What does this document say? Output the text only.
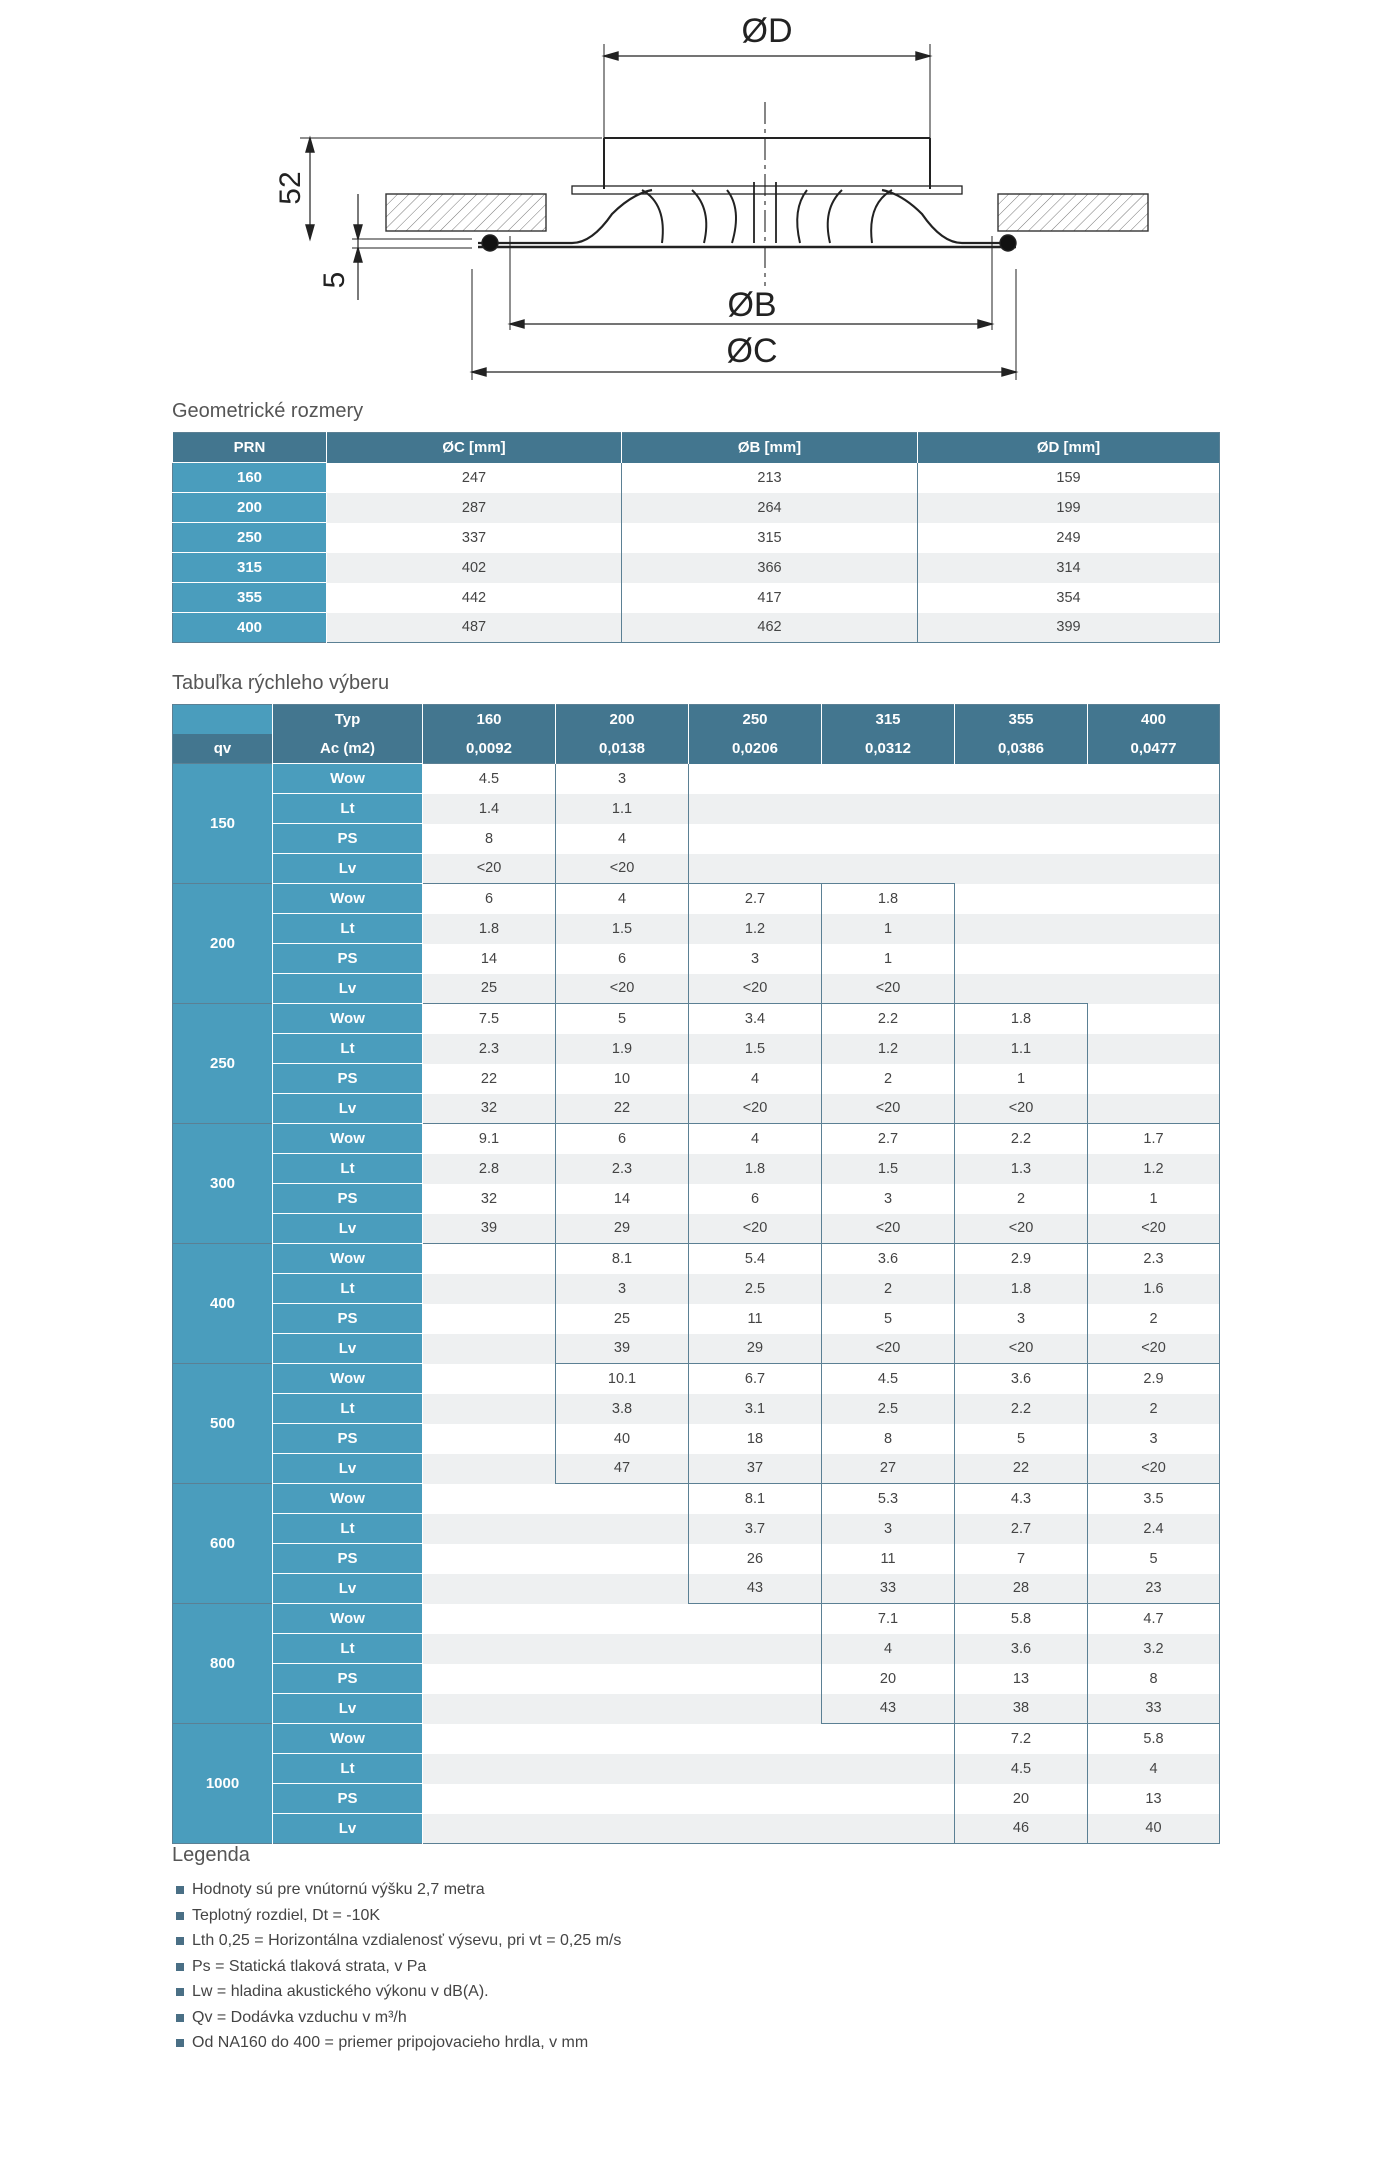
ØD
ØB
ØC
52
5
Geometrické rozmery
PRN	ØC [mm]	ØB [mm]	ØD [mm]
160	247	213	159
200	287	264	199
250	337	315	249
315	402	366	314
355	442	417	354
400	487	462	399
Tabuľka rýchleho výberu
	Typ	160	200	250	315	355	400
qv	Ac (m2)	0,0092	0,0138	0,0206	0,0312	0,0386	0,0477
150	Wow	4.5	3				
	Lt	1.4	1.1				
	PS	8	4				
	Lv	<20	<20				
200	Wow	6	4	2.7	1.8		
	Lt	1.8	1.5	1.2	1		
	PS	14	6	3	1		
	Lv	25	<20	<20	<20		
250	Wow	7.5	5	3.4	2.2	1.8	
	Lt	2.3	1.9	1.5	1.2	1.1	
	PS	22	10	4	2	1	
	Lv	32	22	<20	<20	<20	
300	Wow	9.1	6	4	2.7	2.2	1.7
	Lt	2.8	2.3	1.8	1.5	1.3	1.2
	PS	32	14	6	3	2	1
	Lv	39	29	<20	<20	<20	<20
400	Wow		8.1	5.4	3.6	2.9	2.3
	Lt		3	2.5	2	1.8	1.6
	PS		25	11	5	3	2
	Lv		39	29	<20	<20	<20
500	Wow		10.1	6.7	4.5	3.6	2.9
	Lt		3.8	3.1	2.5	2.2	2
	PS		40	18	8	5	3
	Lv		47	37	27	22	<20
600	Wow			8.1	5.3	4.3	3.5
	Lt			3.7	3	2.7	2.4
	PS			26	11	7	5
	Lv			43	33	28	23
800	Wow				7.1	5.8	4.7
	Lt				4	3.6	3.2
	PS				20	13	8
	Lv				43	38	33
1000	Wow					7.2	5.8
	Lt					4.5	4
	PS					20	13
	Lv					46	40
Legenda
Hodnoty sú pre vnútornú výšku 2,7 metra
Teplotný rozdiel, Dt = -10K
Lth 0,25 = Horizontálna vzdialenosť výsevu, pri vt = 0,25 m/s
Ps = Statická tlaková strata, v Pa
Lw = hladina akustického výkonu v dB(A).
Qv = Dodávka vzduchu v m³/h
Od NA160 do 400 = priemer pripojovacieho hrdla, v mm
